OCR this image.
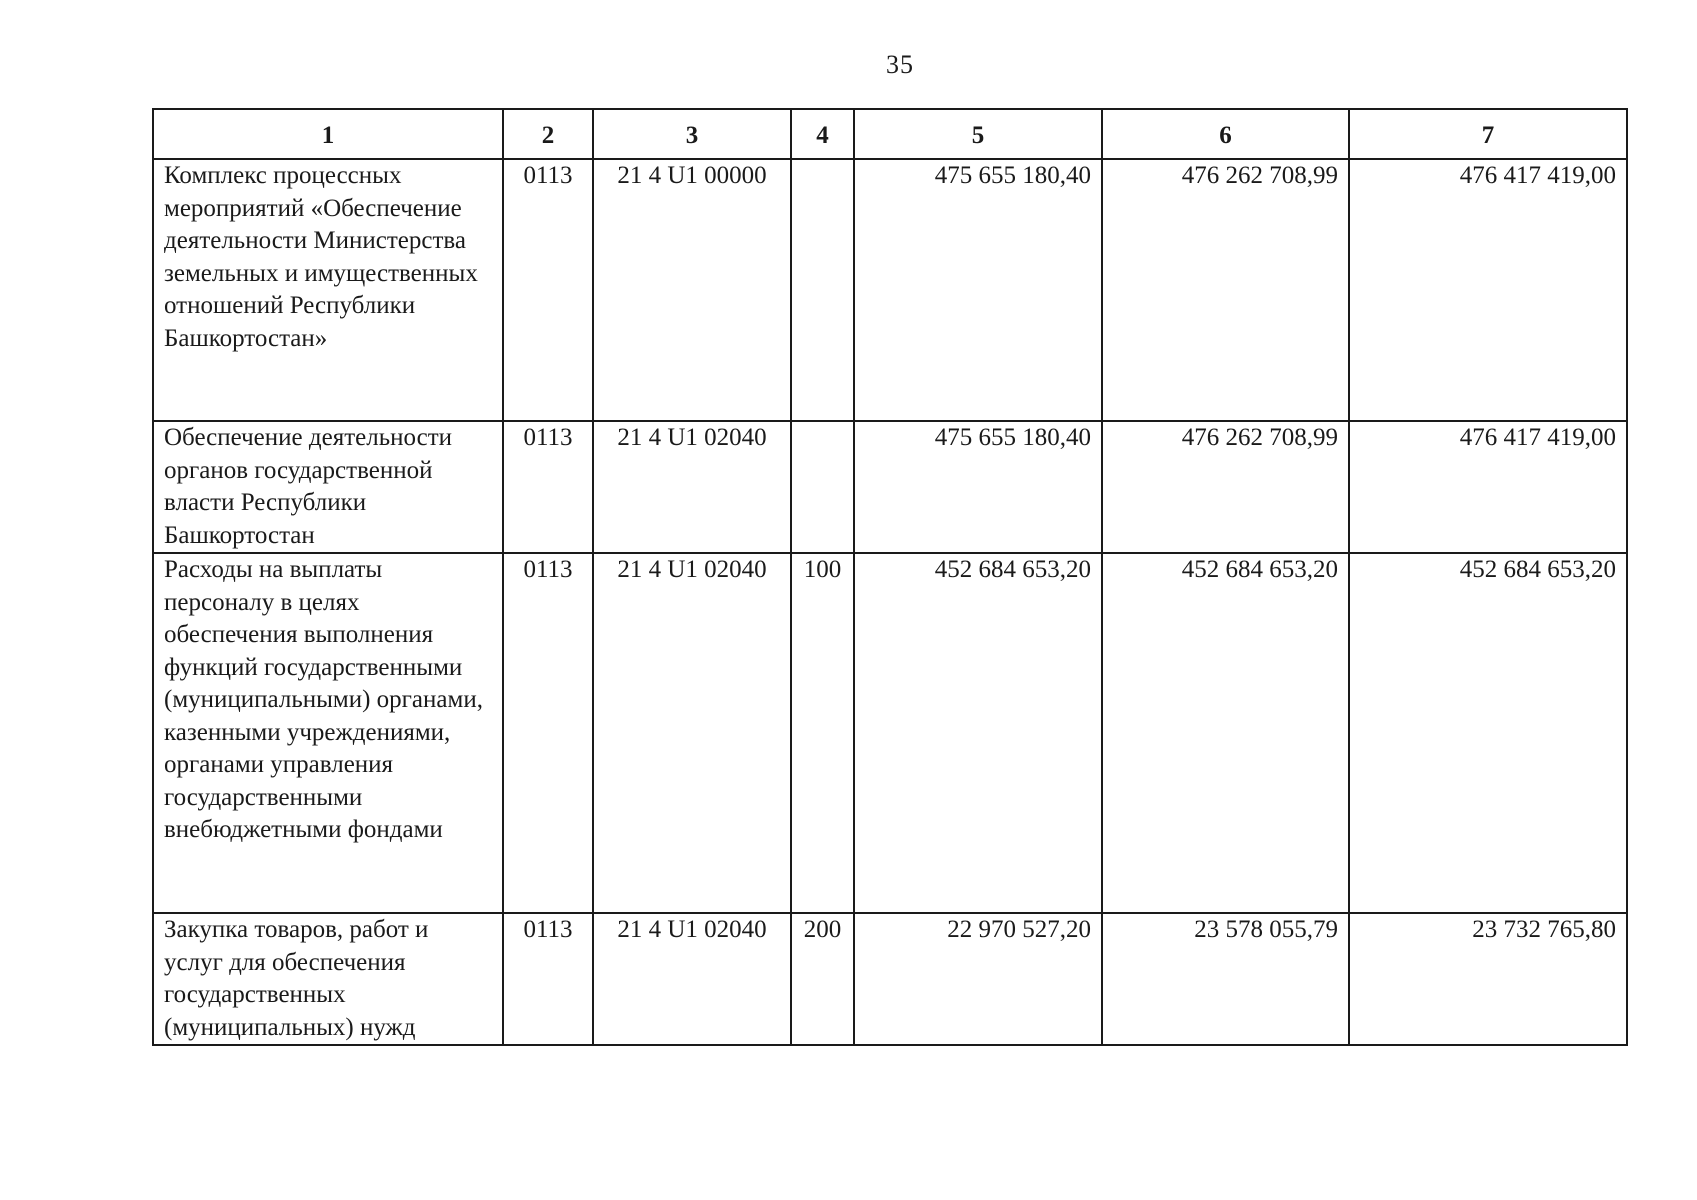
35
1	2	3	4	5	6	7
Комплекс процессных мероприятий «Обеспечение деятельности Министерства земельных и имущественных отношений Республики Башкортостан»	0113	21 4 U1 00000		475 655 180,40	476 262 708,99	476 417 419,00
Обеспечение деятельности органов государственной власти Республики Башкортостан	0113	21 4 U1 02040		475 655 180,40	476 262 708,99	476 417 419,00
Расходы на выплаты персоналу в целях обеспечения выполнения функций государственными (муниципальными) органами, казенными учреждениями, органами управления государственными внебюджетными фондами	0113	21 4 U1 02040	100	452 684 653,20	452 684 653,20	452 684 653,20
Закупка товаров, работ и услуг для обеспечения государственных (муниципальных) нужд	0113	21 4 U1 02040	200	22 970 527,20	23 578 055,79	23 732 765,80
